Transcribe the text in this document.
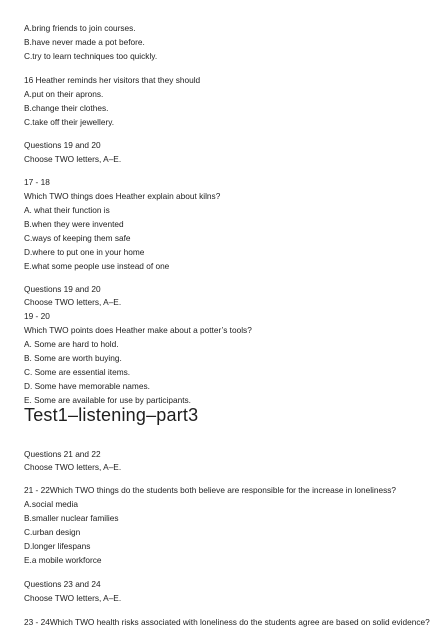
A.bring friends to join courses.
B.have never made a pot before.
C.try to learn techniques too quickly.
16 Heather reminds her visitors that they should
A.put on their aprons.
B.change their clothes.
C.take off their jewellery.
Questions 19 and 20
Choose TWO letters, A–E.
17 - 18
Which TWO things does Heather explain about kilns?
A. what their function is
B.when they were invented
C.ways of keeping them safe
D.where to put one in your home
E.what some people use instead of one
Questions 19 and 20
Choose TWO letters, A–E.
19 - 20
Which TWO points does Heather make about a potter’s tools?
A. Some are hard to hold.
B. Some are worth buying.
C. Some are essential items.
D. Some have memorable names.
E. Some are available for use by participants.
Test1–listening–part3
Questions 21 and 22
Choose TWO letters, A–E.
21 - 22Which TWO things do the students both believe are responsible for the increase in loneliness?
A.social media
B.smaller nuclear families
C.urban design
D.longer lifespans
E.a mobile workforce
Questions 23 and 24
Choose TWO letters, A–E.
23 - 24Which TWO health risks associated with loneliness do the students agree are based on solid evidence?
